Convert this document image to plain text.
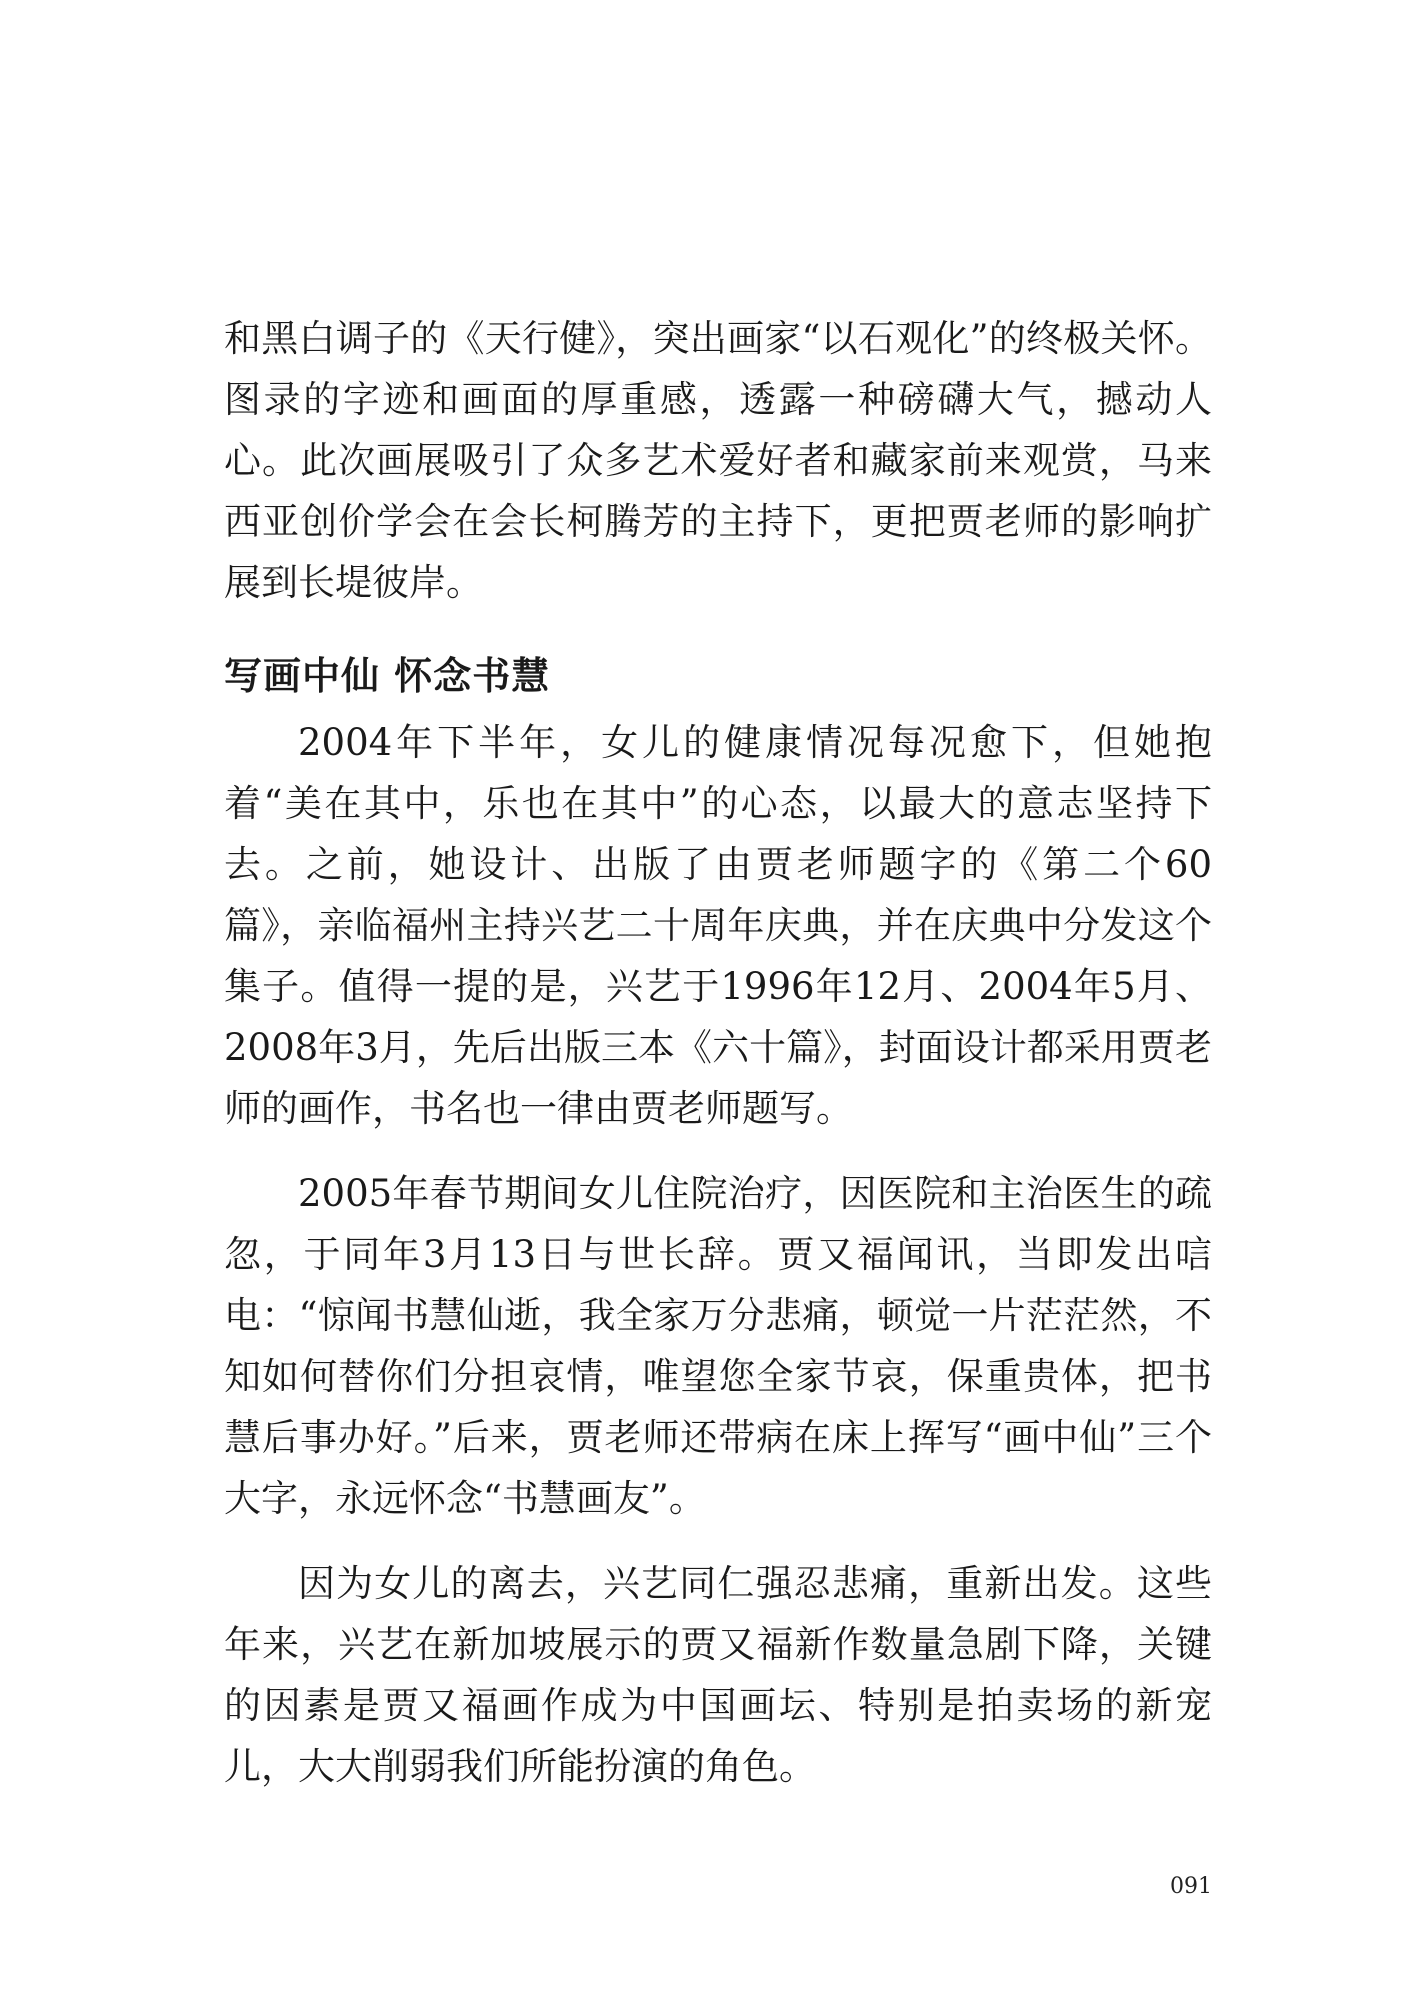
和黑白调子的《天行健》，突出画家“以石观化”的终极关怀。图录的字迹和画面的厚重感，透露一种磅礴大气，撼动人心。此次画展吸引了众多艺术爱好者和藏家前来观赏，马来西亚创价学会在会长柯腾芳的主持下，更把贾老师的影响扩展到长堤彼岸。

写画中仙 怀念书慧

2004年下半年，女儿的健康情况每况愈下，但她抱着“美在其中，乐也在其中”的心态，以最大的意志坚持下去。之前，她设计、出版了由贾老师题字的《第二个60篇》，亲临福州主持兴艺二十周年庆典，并在庆典中分发这个集子。值得一提的是，兴艺于1996年12月、2004年5月、2008年3月，先后出版三本《六十篇》，封面设计都采用贾老师的画作，书名也一律由贾老师题写。

2005年春节期间女儿住院治疗，因医院和主治医生的疏忽，于同年3月13日与世长辞。贾又福闻讯，当即发出唁电：“惊闻书慧仙逝，我全家万分悲痛，顿觉一片茫茫然，不知如何替你们分担哀情，唯望您全家节哀，保重贵体，把书慧后事办好。”后来，贾老师还带病在床上挥写“画中仙”三个大字，永远怀念“书慧画友”。

因为女儿的离去，兴艺同仁强忍悲痛，重新出发。这些年来，兴艺在新加坡展示的贾又福新作数量急剧下降，关键的因素是贾又福画作成为中国画坛、特别是拍卖场的新宠儿，大大削弱我们所能扮演的角色。

091
